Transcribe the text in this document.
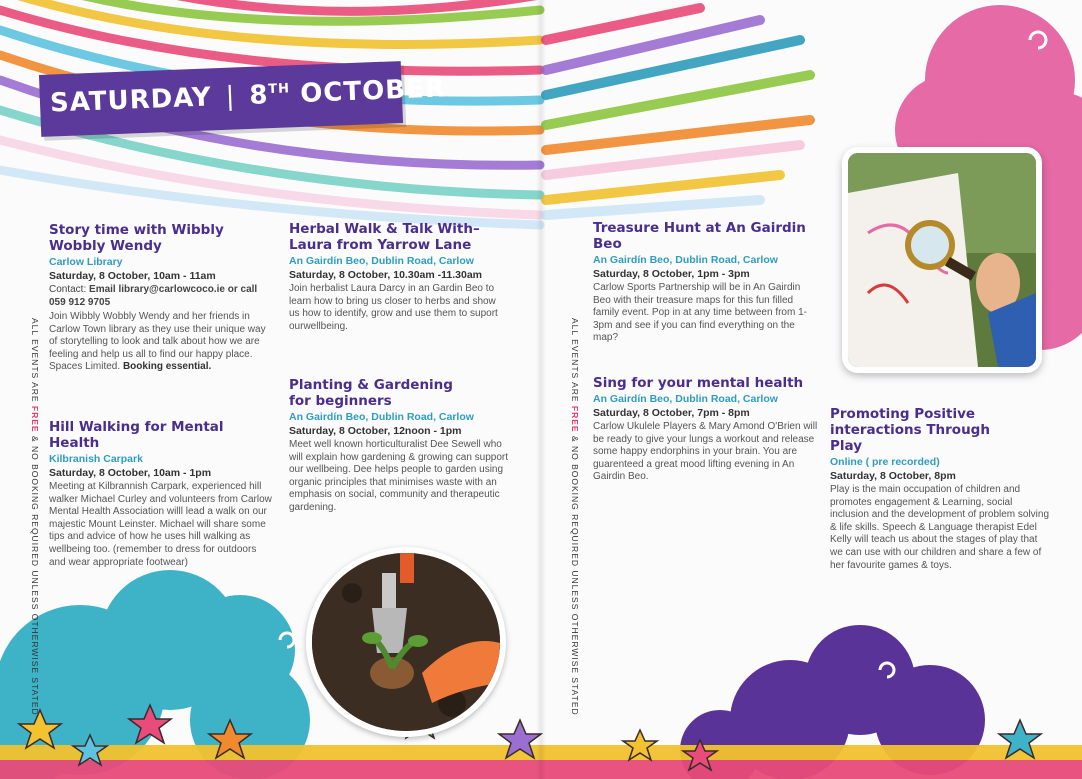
SATURDAY | 8TH OCTOBER
ALL EVENTS ARE FREE & NO BOOKING REQUIRED UNLESS OTHERWISE STATED
ALL EVENTS ARE FREE & NO BOOKING REQUIRED UNLESS OTHERWISE STATED
Story time with Wibbly Wobbly Wendy
Carlow Library
Saturday, 8 October, 10am - 11am
Contact: Email library@carlowcoco.ie or call 059 912 9705
Join Wibbly Wobbly Wendy and her friends in Carlow Town library as they use their unique way of storytelling to look and talk about how we are feeling and help us all to find our happy place. Spaces Limited. Booking essential.
Hill Walking for Mental Health
Kilbranish Carpark
Saturday, 8 October, 10am - 1pm
Meeting at Kilbrannish Carpark, experienced hill walker Michael Curley and volunteers from Carlow Mental Health Association willl lead a walk on our majestic Mount Leinster. Michael will share some tips and advice of how he uses hill walking as wellbeing too. (remember to dress for outdoors and wear appropriate footwear)
Herbal Walk & Talk With– Laura from Yarrow Lane
An Gairdín Beo, Dublin Road, Carlow
Saturday, 8 October, 10.30am -11.30am
Join herbalist Laura Darcy in an Gardin Beo to learn how to bring us closer to herbs and show us how to identify, grow and use them to suport ourwellbeing.
Planting & Gardening for beginners
An Gairdín Beo, Dublin Road, Carlow
Saturday, 8 October, 12noon - 1pm
Meet well known horticulturalist Dee Sewell who will explain how gardening & growing can support our wellbeing. Dee helps people to garden using organic principles that minimises waste with an emphasis on social, community and therapeutic gardening.
Treasure Hunt at An Gairdin Beo
An Gairdín Beo, Dublin Road, Carlow
Saturday, 8 October, 1pm - 3pm
Carlow Sports Partnership will be in An Gairdin Beo with their treasure maps for this fun filled family event. Pop in at any time between from 1-3pm and see if you can find everything on the map?
Sing for your mental health
An Gairdín Beo, Dublin Road, Carlow
Saturday, 8 October, 7pm - 8pm
Carlow Ukulele Players & Mary Amond O'Brien will be ready to give your lungs a workout and release some happy endorphins in your brain. You are guarenteed a great mood lifting evening in An Gairdin Beo.
Promoting Positive interactions Through Play
Online ( pre recorded)
Saturday, 8 October, 8pm
Play is the main occupation of children and promotes engagement & Learning, social inclusion and the development of problem solving & life skills. Speech & Language therapist Edel Kelly will teach us about the stages of play that we can use with our children and share a few of her favourite games & toys.
